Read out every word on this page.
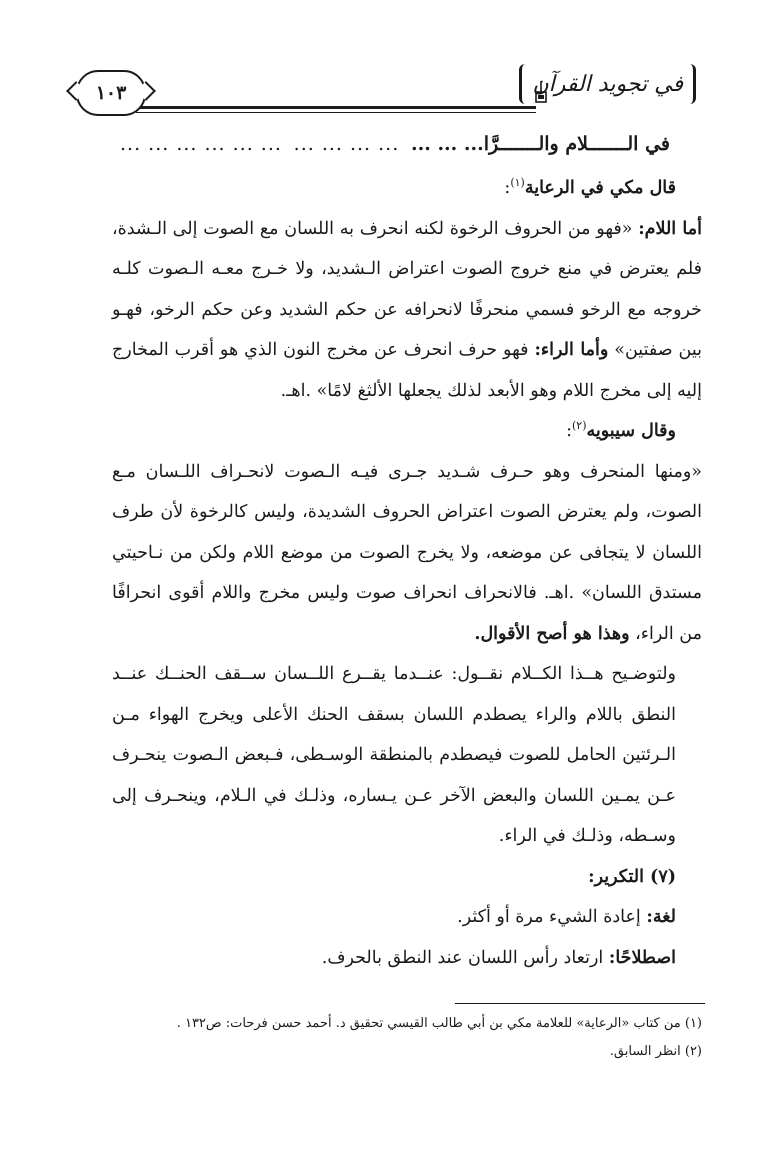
١٠٣	في تجويد القرآن
في الـــــــلام والـــــــرَّا... ... ...
... ... ... ...
... ... ... ... ... ...

قال مكي في الرعاية$^{(١)}$:

أما اللام: «فهو من الحروف الرخوة لكنه انحرف به اللسان مع الصوت إلى الـشدة، فلم يعترض في منع خروج الصوت اعتراض الـشديد، ولا خـرج معـه الـصوت كلـه خروجه مع الرخو فسمي منحرفًا لانحرافه عن حكم الشديد وعن حكم الرخو، فهـو بين صفتين» وأما الراء: فهو حرف انحرف عن مخرج النون الذي هو أقرب المخارج إليه إلى مخرج اللام وهو الأبعد لذلك يجعلها الألثغ لامًا» .اهـ.

وقال سيبويه$^{(٢)}$:

«ومنها المنحرف وهو حـرف شـديد جـرى فيـه الـصوت لانحـراف اللـسان مـع الصوت، ولم يعترض الصوت اعتراض الحروف الشديدة، وليس كالرخوة لأن طرف اللسان لا يتجافى عن موضعه، ولا يخرج الصوت من موضع اللام ولكن من نـاحيتي مستدق اللسان» .اهـ. فالانحراف انحراف صوت وليس مخرج واللام أقوى انحرافًا من الراء، وهذا هو أصح الأقوال.

ولتوضـيح هــذا الكــلام نقــول: عنــدما يقــرع اللــسان ســقف الحنــك عنــد النطق باللام والراء يصطدم اللسان بسقف الحنك الأعلى ويخرج الهواء مـن الـرئتين الحامل للصوت فيصطدم بالمنطقة الوسـطى، فـبعض الـصوت ينحـرف عـن يمـين اللسان والبعض الآخر عـن يـساره، وذلـك في الـلام، وينحـرف إلى وسـطه، وذلـك في الراء.

(٧) التكرير:

لغة: إعادة الشيء مرة أو أكثر.

اصطلاحًا: ارتعاد رأس اللسان عند النطق بالحرف.

(١) من كتاب «الرعاية» للعلامة مكي بن أبي طالب القيسي تحقيق د. أحمد حسن فرحات: ص١٣٢ .

(٢) انظر السابق.
